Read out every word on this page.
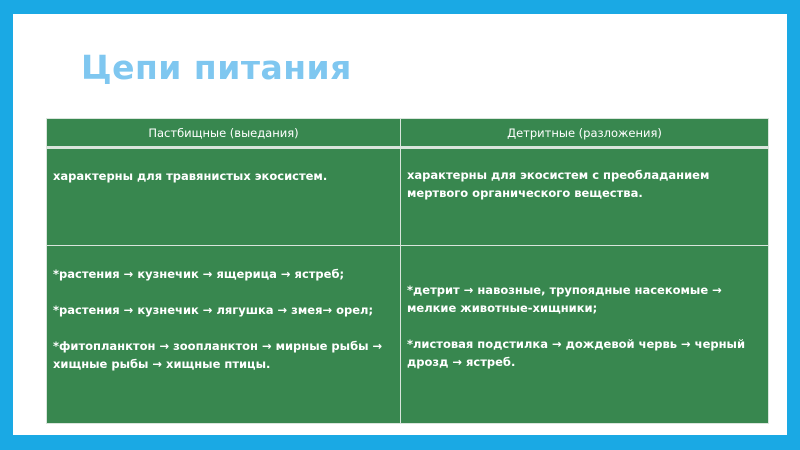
Цепи питания
Пастбищные (выедания)	Детритные (разложения)
характерны для травянистых экосистем.	характерны для экосистем с преобладанием мертвого органического вещества.

*растения → кузнечик → ящерица → ястреб;
*растения → кузнечик → лягушка → змея→ орел;
*фитопланктон → зоопланктон → мирные рыбы → хищные рыбы → хищные птицы.	*детрит → навозные, трупоядные насекомые → мелкие животные-хищники;
*листовая подстилка → дождевой червь → черный дрозд → ястреб.
